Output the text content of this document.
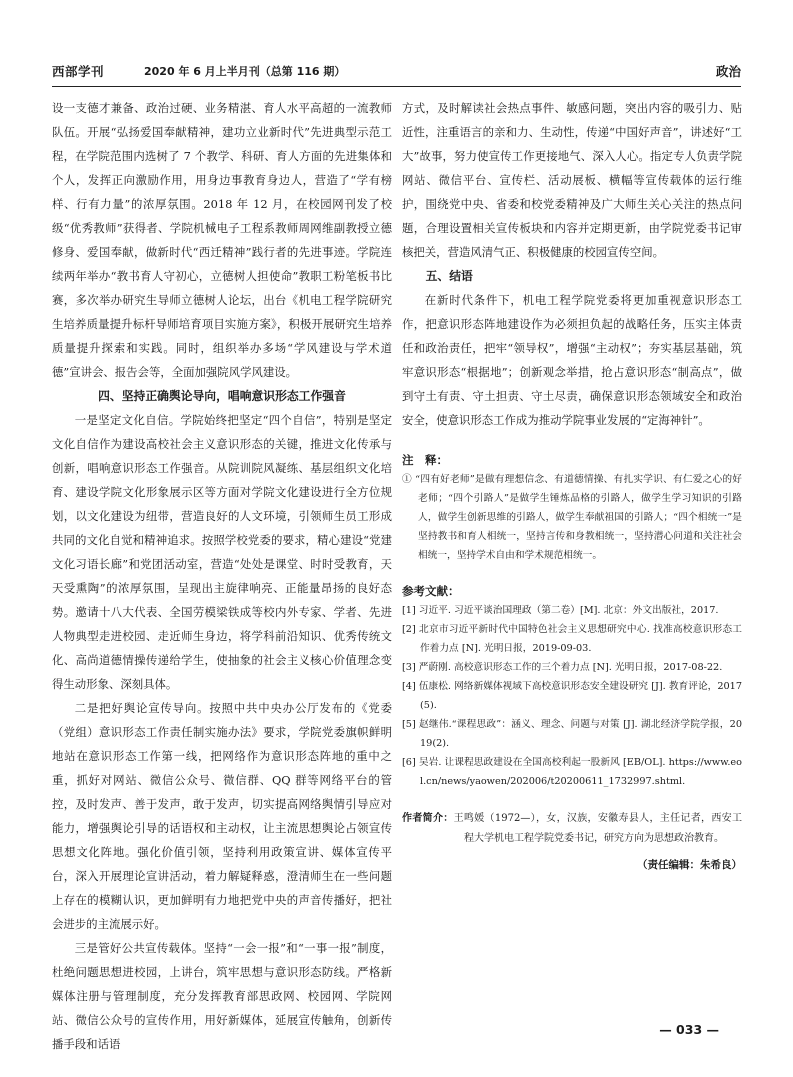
西部学刊	2020 年 6 月上半月刊（总第 116 期）	政治

设一支德才兼备、政治过硬、业务精湛、育人水平高超的一流教师队伍。开展“弘扬爱国奉献精神，建功立业新时代”先进典型示范工程，在学院范围内选树了 7 个教学、科研、育人方面的先进集体和个人，发挥正向激励作用，用身边事教育身边人，营造了“学有榜样、行有力量”的浓厚氛围。2018 年 12 月，在校园网刊发了校级“优秀教师”获得者、学院机械电子工程系教师周网维副教授立德修身、爱国奉献，做新时代“西迁精神”践行者的先进事迹。学院连续两年举办“教书育人守初心，立德树人担使命”教职工粉笔板书比赛，多次举办研究生导师立德树人论坛，出台《机电工程学院研究生培养质量提升标杆导师培育项目实施方案》，积极开展研究生培养质量提升探索和实践。同时，组织举办多场“学风建设与学术道德”宣讲会、报告会等，全面加强院风学风建设。

四、坚持正确舆论导向，唱响意识形态工作强音

一是坚定文化自信。学院始终把坚定“四个自信”，特别是坚定文化自信作为建设高校社会主义意识形态的关键，推进文化传承与创新，唱响意识形态工作强音。从院训院风凝练、基层组织文化培育、建设学院文化形象展示区等方面对学院文化建设进行全方位规划，以文化建设为纽带，营造良好的人文环境，引领师生员工形成共同的文化自觉和精神追求。按照学校党委的要求，精心建设“党建文化习语长廊”和党团活动室，营造“处处是课堂、时时受教育，天天受熏陶”的浓厚氛围，呈现出主旋律响亮、正能量昂扬的良好态势。邀请十八大代表、全国劳模梁铁成等校内外专家、学者、先进人物典型走进校园、走近师生身边，将学科前沿知识、优秀传统文化、高尚道德情操传递给学生，使抽象的社会主义核心价值理念变得生动形象、深刻具体。

二是把好舆论宣传导向。按照中共中央办公厅发布的《党委（党组）意识形态工作责任制实施办法》要求，学院党委旗帜鲜明地站在意识形态工作第一线，把网络作为意识形态阵地的重中之重，抓好对网站、微信公众号、微信群、QQ 群等网络平台的管控，及时发声、善于发声，敢于发声，切实提高网络舆情引导应对能力，增强舆论引导的话语权和主动权，让主流思想舆论占领宣传思想文化阵地。强化价值引领，坚持利用政策宣讲、媒体宣传平台，深入开展理论宣讲活动，着力解疑释惑，澄清师生在一些问题上存在的模糊认识，更加鲜明有力地把党中央的声音传播好，把社会进步的主流展示好。

三是管好公共宣传载体。坚持“一会一报”和“一事一报”制度，杜绝问题思想进校园，上讲台，筑牢思想与意识形态防线。严格新媒体注册与管理制度，充分发挥教育部思政网、校园网、学院网站、微信公众号的宣传作用，用好新媒体，延展宣传触角，创新传播手段和话语

方式，及时解读社会热点事件、敏感问题，突出内容的吸引力、贴近性，注重语言的亲和力、生动性，传递“中国好声音”，讲述好“工大”故事，努力使宣传工作更接地气、深入人心。指定专人负责学院网站、微信平台、宣传栏、活动展板、横幅等宣传载体的运行维护，围绕党中央、省委和校党委精神及广大师生关心关注的热点问题，合理设置相关宣传板块和内容并定期更新，由学院党委书记审核把关，营造风清气正、积极健康的校园宣传空间。

五、结语

在新时代条件下，机电工程学院党委将更加重视意识形态工作，把意识形态阵地建设作为必须担负起的战略任务，压实主体责任和政治责任，把牢“领导权”，增强“主动权”；夯实基层基础，筑牢意识形态“根据地”；创新观念举措，抢占意识形态“制高点”，做到守土有责、守土担责、守土尽责，确保意识形态领域安全和政治安全，使意识形态工作成为推动学院事业发展的“定海神针”。

注　释：
① “四有好老师”是做有理想信念、有道德情操、有扎实学识、有仁爱之心的好老师；“四个引路人”是做学生锤炼品格的引路人，做学生学习知识的引路人，做学生创新思维的引路人，做学生奉献祖国的引路人；“四个相统一”是坚持教书和育人相统一，坚持言传和身教相统一，坚持潜心问道和关注社会相统一，坚持学术自由和学术规范相统一。
参考文献：
[1] 习近平. 习近平谈治国理政（第二卷）[M]. 北京：外文出版社，2017.
[2] 北京市习近平新时代中国特色社会主义思想研究中心. 找准高校意识形态工作着力点 [N]. 光明日报，2019-09-03.
[3] 严蔚刚. 高校意识形态工作的三个着力点 [N]. 光明日报，2017-08-22.
[4] 伍康松. 网络新媒体视域下高校意识形态安全建设研究 [J]. 教育评论，2017(5).
[5] 赵继伟.“课程思政”：涵义、理念、问题与对策 [J]. 湖北经济学院学报，2019(2).
[6] 吴岩. 让课程思政建设在全国高校利起一股新风 [EB/OL]. https://www.eol.cn/news/yaowen/202006/t20200611_1732997.shtml.
作者简介：王鸣媛（1972—），女，汉族，安徽寿县人，主任记者，西安工程大学机电工程学院党委书记，研究方向为思想政治教育。
（责任编辑：朱希良）
— 033 —
